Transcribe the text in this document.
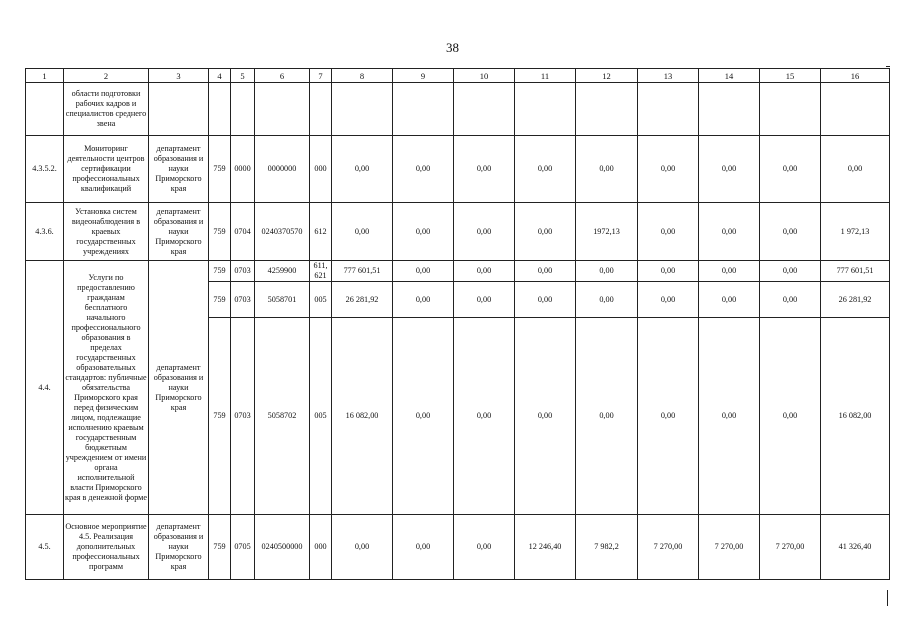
38
1	2	3	4	5	6	7	8	9	10	11	12	13	14	15	16
	области подготовки рабочих кадров и специалистов среднего звена														
4.3.5.2.	Мониторинг деятельности центров сертификации профессиональных квалификаций	департамент образования и науки Приморского края	759	0000	0000000	000	0,00	0,00	0,00	0,00	0,00	0,00	0,00	0,00	0,00
4.3.6.	Установка систем видеонаблюдения в краевых государственных учреждениях	департамент образования и науки Приморского края	759	0704	0240370570	612	0,00	0,00	0,00	0,00	1972,13	0,00	0,00	0,00	1 972,13
4.4.	Услуги по предоставлению гражданам бесплатного начального профессионального образования в пределах государственных образовательных стандартов: публичные обязательства Приморского края перед физическим лицом, подлежащие исполнению краевым государственным бюджетным учреждением от имени органа исполнительной власти Приморского края в денежной форме	департамент образования и науки Приморского края	759	0703	4259900	611, 621	777 601,51	0,00	0,00	0,00	0,00	0,00	0,00	0,00	777 601,51
			759	0703	5058701	005	26 281,92	0,00	0,00	0,00	0,00	0,00	0,00	0,00	26 281,92
			759	0703	5058702	005	16 082,00	0,00	0,00	0,00	0,00	0,00	0,00	0,00	16 082,00
4.5.	Основное мероприятие 4.5. Реализация дополнительных профессиональных программ	департамент образования и науки Приморского края	759	0705	0240500000	000	0,00	0,00	0,00	12 246,40	7 982,2	7 270,00	7 270,00	7 270,00	41 326,40
